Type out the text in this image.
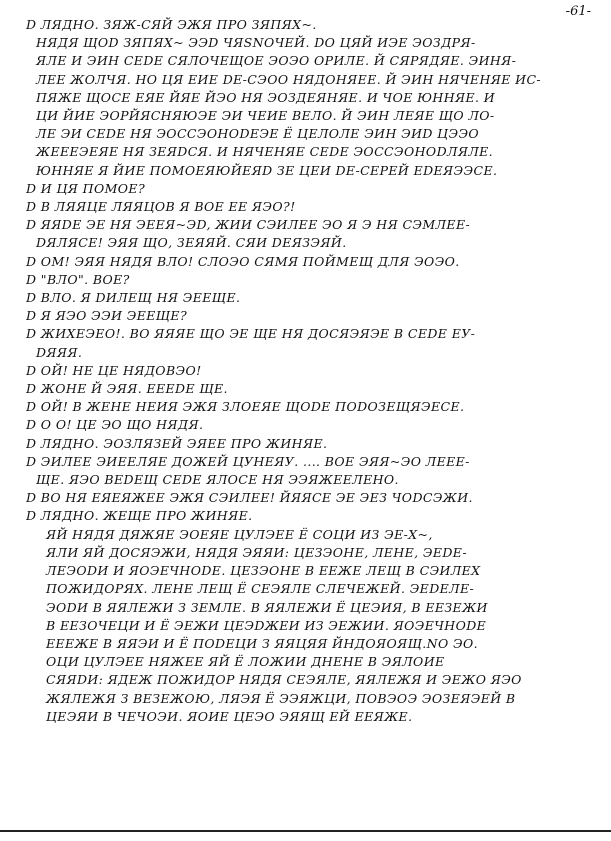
-61-
D ЛЯДНО. ЗЯЖ-СЯЙ ЭЖЯ ПРО ЗЯПЯХ~.
НЯДЯ ЩОD ЗЯПЯХ~ ЭЭD ЧЯSNOЧЕЙ. DО ЦЯЙ ИЭЕ ЭОЗДРЯ-
ЯЛЕ И ЭИН СЕDЕ СЯЛОЧЕЩОЕ ЭОЭО ОРИЛЕ. Й СЯРЯДЯЕ. ЭИНЯ-
ЛЕЕ ЖОЛЧЯ. НО ЦЯ ЕИЕ DЕ-СЭОО НЯДОНЯЕЕ. Й ЭИН НЯЧЕНЯЕ ИС-
ПЯЖЕ ЩОСЕ ЕЯЕ ЙЯЕ ЙЭО НЯ ЭОЗДЕЯНЯЕ. И ЧОЕ ЮННЯЕ. И
ЦИ ЙИЕ ЭОРЙЯСНЯЮЭЕ ЭИ ЧЕИЕ ВЕЛО. Й ЭИН ЛЕЯЕ ЩО ЛО-
ЛЕ ЭИ СЕDЕ НЯ ЭОССЭОНОDЕЭЕ Ё ЦЕЛОЛЕ ЭИН ЭИD ЦЭЭО
ЖЕЕЕЭЕЯЕ НЯ ЗЕЯDСЯ. И НЯЧЕНЯЕ СЕDЕ ЭОССЭОНОDЛЯЛЕ.
ЮННЯЕ Я ЙИЕ ПОМОЕЯЮЙЕЯD ЗЕ ЦЕИ DЕ-СЕРЕЙ ЕDЕЯЭЭСЕ.
D И ЦЯ ПОМОЕ?
D В ЛЯЯЦЕ ЛЯЯЦОВ Я ВОЕ ЕЕ ЯЭО?!
D ЯЯDЕ ЭЕ НЯ ЭЕЕЯ~ЭD, ЖИИ СЭИЛЕЕ ЭО Я Э НЯ СЭМЛЕЕ-
DЯЛЯСЕ! ЭЯЯ ЩО, ЗЕЯЯЙ. СЯИ DЕЯЗЭЯЙ.
D ОМ! ЭЯЯ НЯДЯ ВЛО! СЛОЭО СЯМЯ ПОЙМЕЩ ДЛЯ ЭОЭО.
D "ВЛО". ВОЕ?
D ВЛО. Я DИЛЕЩ НЯ ЭЕЕЩЕ.
D Я ЯЭО ЭЭИ ЭЕЕЩЕ?
D ЖИХЕЭЕО!. ВО ЯЯЯЕ ЩО ЭЕ ЩЕ НЯ ДОСЯЭЯЭЕ В СЕDЕ ЕУ-
DЯЯЯ.
D ОЙ! НЕ ЦЕ НЯДОВЭО!
D ЖОНЕ Й ЭЯЯ. ЕЕЕDЕ ЩЕ.
D ОЙ! В ЖЕНЕ НЕИЯ ЭЖЯ ЗЛОЕЯЕ ЩОDЕ ПОDОЗЕЩЯЭЕСЕ.
D О О! ЦЕ ЭО ЩО НЯДЯ.
D ЛЯДНО. ЭОЗЛЯЗЕЙ ЭЯЕЕ ПРО ЖИНЯЕ.
D ЭИЛЕЕ ЭИЕЕЛЯЕ ДОЖЕЙ ЦУНЕЯУ. .... ВОЕ ЭЯЯ~ЭО ЛЕЕЕ-
ЩЕ. ЯЭО ВЕDЕЩ СЕDЕ ЯЛОСЕ НЯ ЭЭЯЖЕЕЛЕНО.
D ВО НЯ ЕЯЕЯЖЕЕ ЭЖЯ СЭИЛЕЕ! ЙЯЯСЕ ЭЕ ЭЕЗ ЧОDСЭЖИ.
D ЛЯДНО. ЖЕЩЕ ПРО ЖИНЯЕ.
ЯЙ НЯДЯ ДЯЖЯЕ ЭОЕЯЕ ЦУЛЭЕЕ Ё СОЦИ ИЗ ЭЕ-Х~,
ЯЛИ ЯЙ ДОСЯЭЖИ, НЯДЯ ЭЯЯИ: ЦЕЗЭОНЕ, ЛЕНЕ, ЭЕDЕ-
ЛЕЭОDИ И ЯОЭЕЧНОDЕ. ЦЕЗЭОНЕ В ЕЕЖЕ ЛЕЩ В СЭИЛЕХ
ПОЖИДОРЯХ. ЛЕНЕ ЛЕЩ Ё СЕЭЯЛЕ СЛЕЧЕЖЕЙ. ЭЕDЕЛЕ-
ЭОDИ В ЯЯЛЕЖИ З ЗЕМЛЕ. В ЯЯЛЕЖИ Ё ЦЕЭИЯ, В ЕЕЗЕЖИ
В ЕЕЗОЧЕЦИ И Ё ЭЕЖИ ЦЕЭDЖЕИ ИЗ ЭЕЖИИ. ЯОЭЕЧНОDЕ
ЕЕЕЖЕ В ЯЯЭИ И Ё ПОDЕЦИ З ЯЯЦЯЯ ЙНДОЯОЯЩ.NО ЭО.
ОЦИ ЦУЛЭЕЕ НЯЖЕЕ ЯЙ Ё ЛОЖИИ ДНЕНЕ В ЭЯЛОИЕ
СЯЯDИ: ЯДЕЖ ПОЖИДОР НЯДЯ СЕЭЯЛЕ, ЯЯЛЕЖЯ И ЭЕЖО ЯЭО
ЖЯЛЕЖЯ З ВЕЗЕЖОЮ, ЛЯЭЯ Ё ЭЭЯЖЦИ, ПОВЭОЭ ЭОЗЕЯЭЕЙ В
ЦЕЭЯИ В ЧЕЧОЭИ. ЯОИЕ ЦЕЭО ЭЯЯЩ ЕЙ ЕЕЯЖЕ.
